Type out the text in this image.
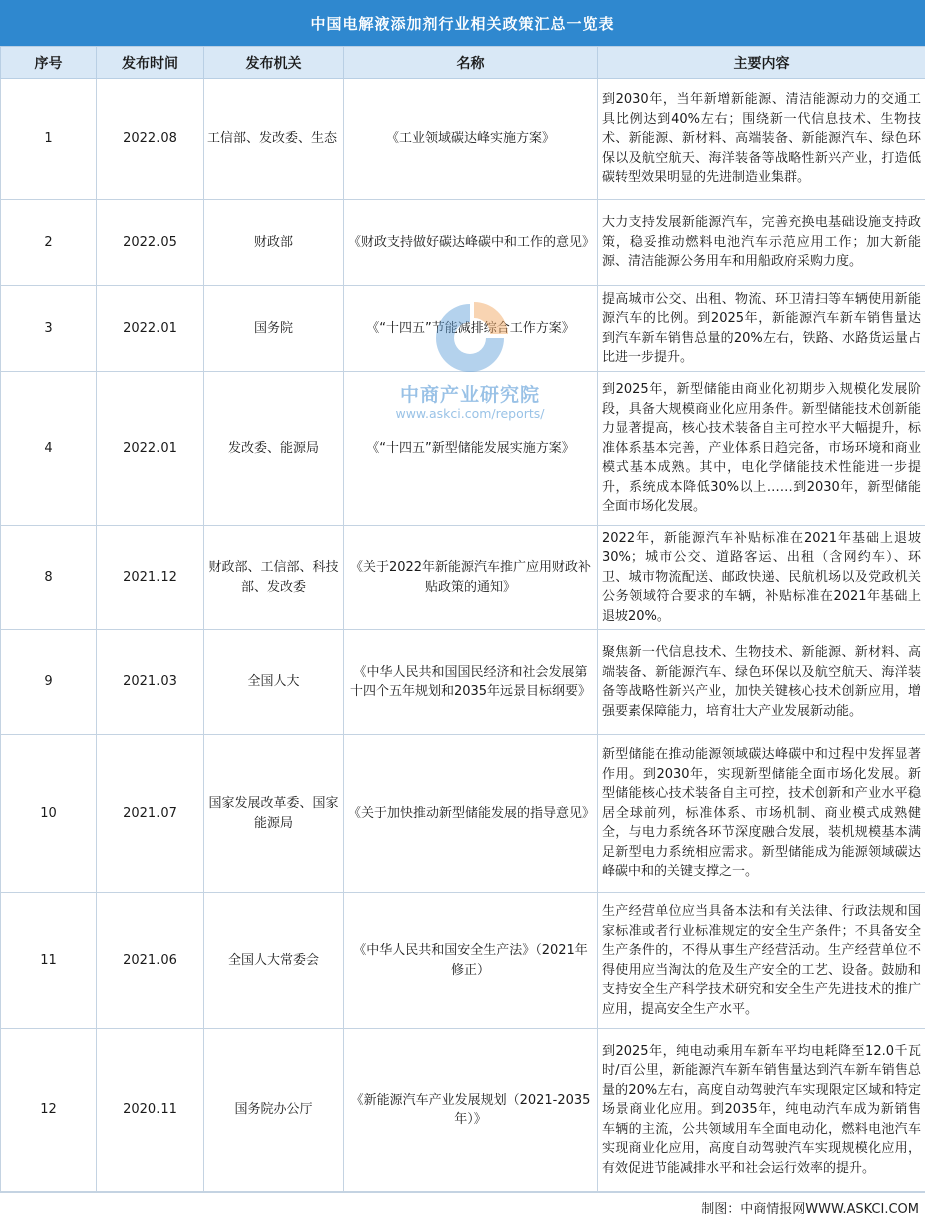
中国电解液添加剂行业相关政策汇总一览表
序号	发布时间	发布机关	名称	主要内容
1	2022.08	工信部、发改委、生态	《工业领域碳达峰实施方案》	到2030年，当年新增新能源、清洁能源动力的交通工具比例达到40%左右；围绕新一代信息技术、生物技术、新能源、新材料、高端装备、新能源汽车、绿色环保以及航空航天、海洋装备等战略性新兴产业，打造低碳转型效果明显的先进制造业集群。
2	2022.05	财政部	《财政支持做好碳达峰碳中和工作的意见》	大力支持发展新能源汽车，完善充换电基础设施支持政策，稳妥推动燃料电池汽车示范应用工作；加大新能源、清洁能源公务用车和用船政府采购力度。
3	2022.01	国务院	《“十四五”节能减排综合工作方案》	提高城市公交、出租、物流、环卫清扫等车辆使用新能源汽车的比例。到2025年，新能源汽车新车销售量达到汽车新车销售总量的20%左右，铁路、水路货运量占比进一步提升。
4	2022.01	发改委、能源局	《“十四五”新型储能发展实施方案》	到2025年，新型储能由商业化初期步入规模化发展阶段，具备大规模商业化应用条件。新型储能技术创新能力显著提高，核心技术装备自主可控水平大幅提升，标准体系基本完善，产业体系日趋完备，市场环境和商业模式基本成熟。其中，电化学储能技术性能进一步提升，系统成本降低30%以上……到2030年，新型储能全面市场化发展。
8	2021.12	财政部、工信部、科技部、发改委	《关于2022年新能源汽车推广应用财政补贴政策的通知》	2022年，新能源汽车补贴标准在2021年基础上退坡30%；城市公交、道路客运、出租（含网约车）、环卫、城市物流配送、邮政快递、民航机场以及党政机关公务领域符合要求的车辆，补贴标准在2021年基础上退坡20%。
9	2021.03	全国人大	《中华人民共和国国民经济和社会发展第十四个五年规划和2035年远景目标纲要》	聚焦新一代信息技术、生物技术、新能源、新材料、高端装备、新能源汽车、绿色环保以及航空航天、海洋装备等战略性新兴产业，加快关键核心技术创新应用，增强要素保障能力，培育壮大产业发展新动能。
10	2021.07	国家发展改革委、国家能源局	《关于加快推动新型储能发展的指导意见》	新型储能在推动能源领域碳达峰碳中和过程中发挥显著作用。到2030年，实现新型储能全面市场化发展。新型储能核心技术装备自主可控，技术创新和产业水平稳居全球前列，标准体系、市场机制、商业模式成熟健全，与电力系统各环节深度融合发展，装机规模基本满足新型电力系统相应需求。新型储能成为能源领域碳达峰碳中和的关键支撑之一。
11	2021.06	全国人大常委会	《中华人民共和国安全生产法》（2021年修正）	生产经营单位应当具备本法和有关法律、行政法规和国家标准或者行业标准规定的安全生产条件；不具备安全生产条件的，不得从事生产经营活动。生产经营单位不得使用应当淘汰的危及生产安全的工艺、设备。鼓励和支持安全生产科学技术研究和安全生产先进技术的推广应用，提高安全生产水平。
12	2020.11	国务院办公厅	《新能源汽车产业发展规划（2021-2035年）》	到2025年，纯电动乘用车新车平均电耗降至12.0千瓦时/百公里，新能源汽车新车销售量达到汽车新车销售总量的20%左右，高度自动驾驶汽车实现限定区域和特定场景商业化应用。到2035年，纯电动汽车成为新销售车辆的主流，公共领域用车全面电动化，燃料电池汽车实现商业化应用，高度自动驾驶汽车实现规模化应用，有效促进节能减排水平和社会运行效率的提升。
中商产业研究院
www.askci.com/reports/
制图：中商情报网WWW.ASKCI.COM
